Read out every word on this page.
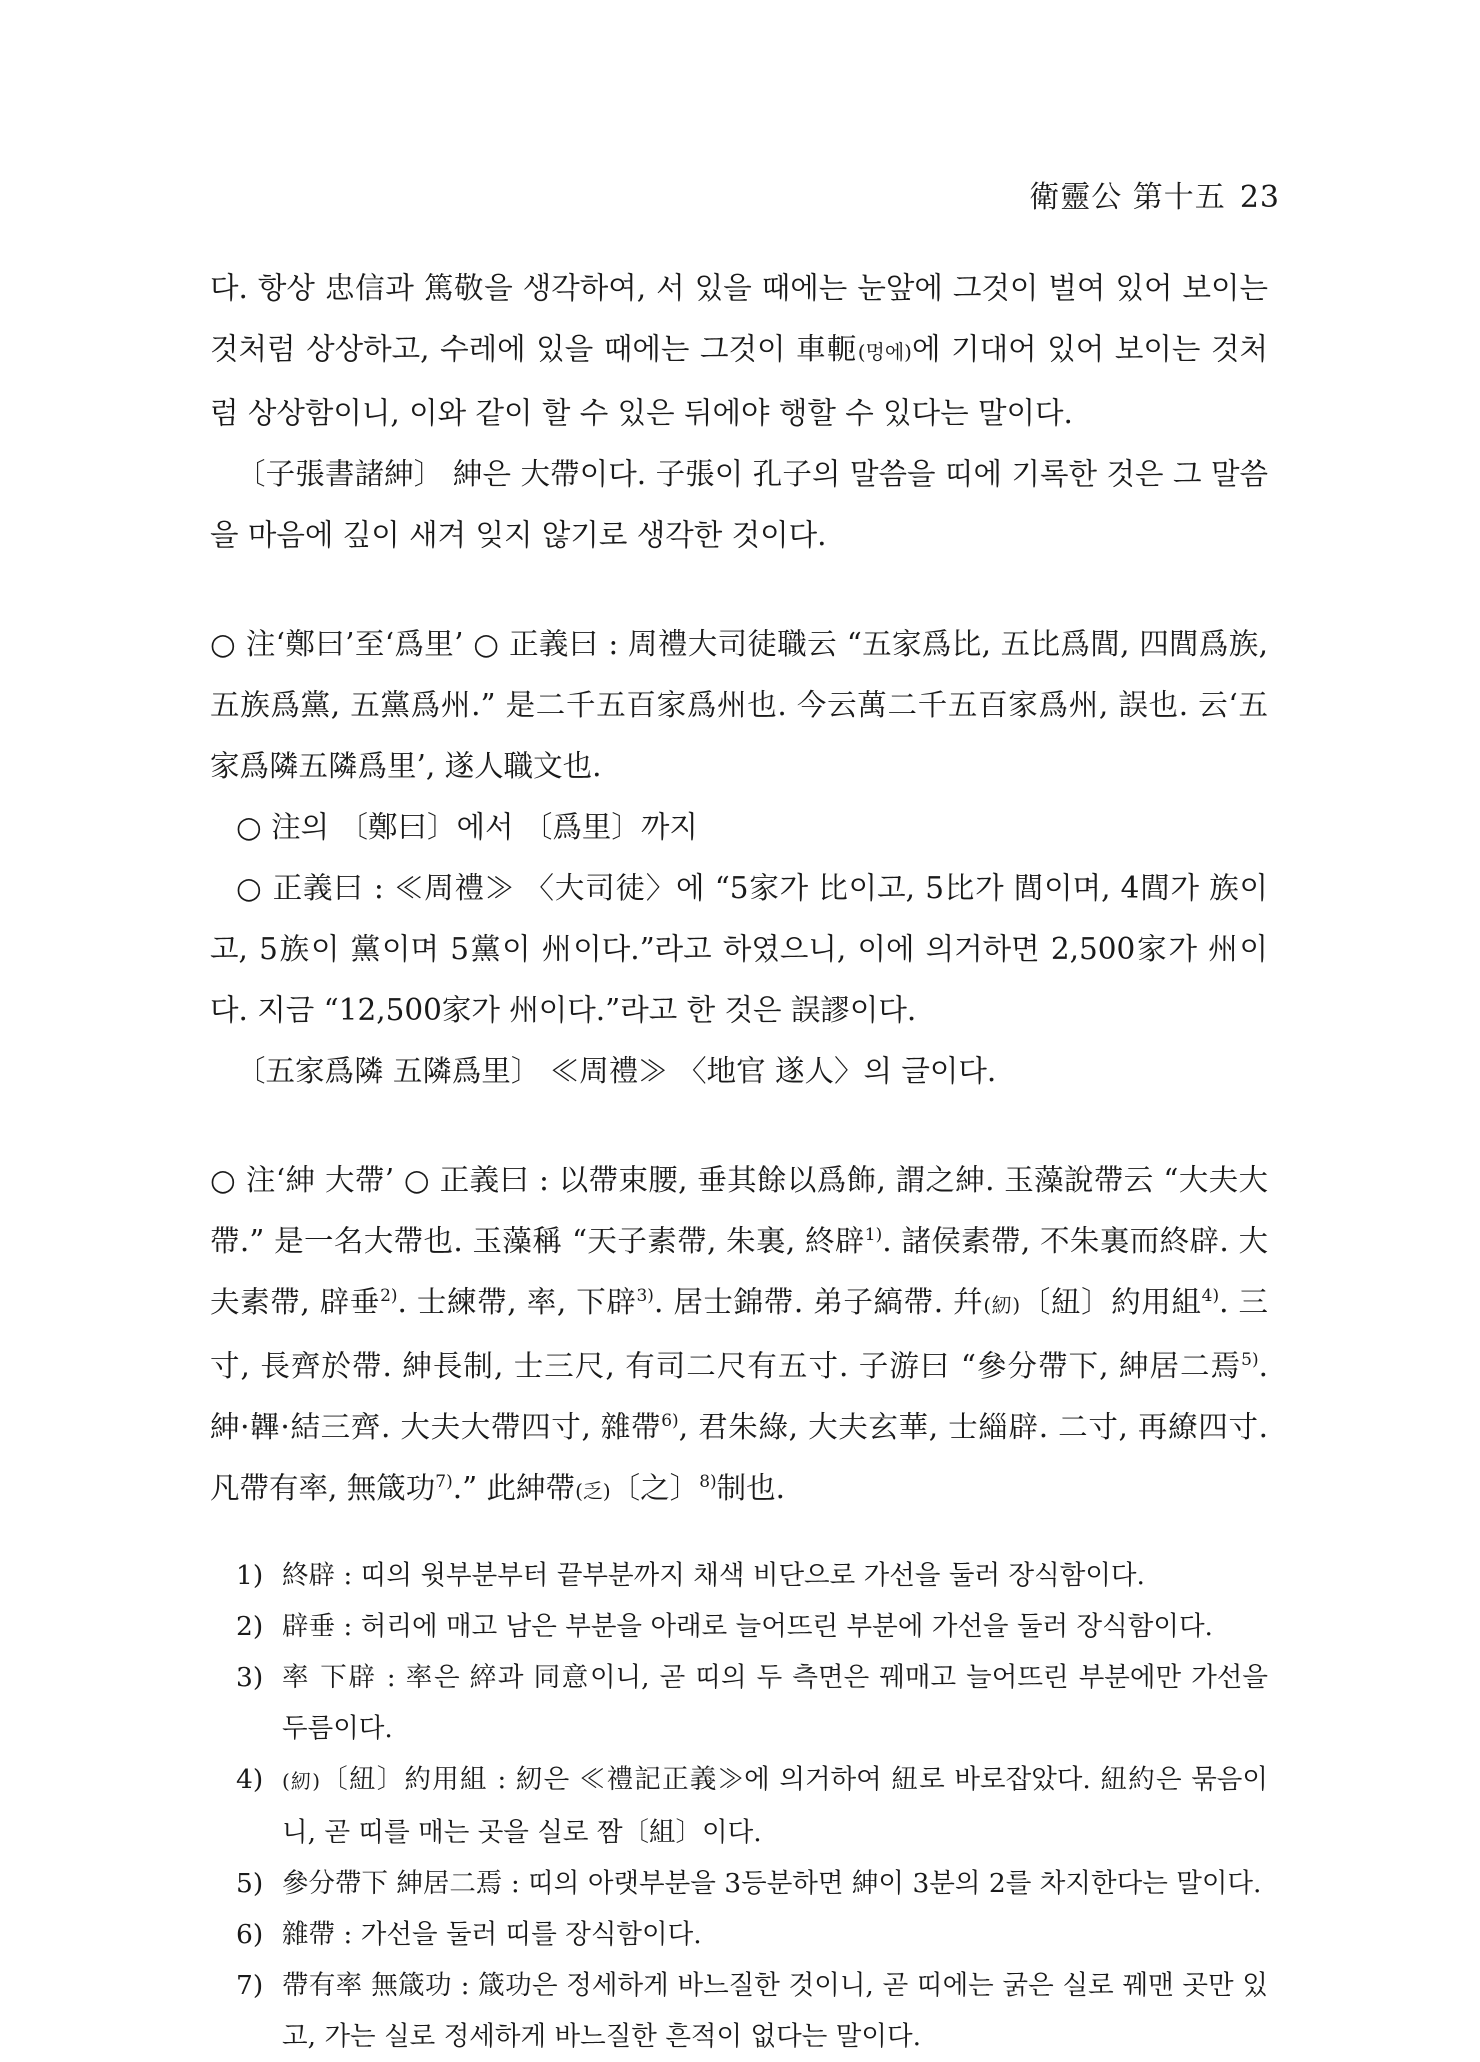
衛靈公 第十五 23

다. 항상 忠信과 篤敬을 생각하여, 서 있을 때에는 눈앞에 그것이 벌여 있어 보이는 것처럼 상상하고, 수레에 있을 때에는 그것이 車軛(멍에)에 기대어 있어 보이는 것처럼 상상함이니, 이와 같이 할 수 있은 뒤에야 행할 수 있다는 말이다.

〔子張書諸紳〕 紳은 大帶이다. 子張이 孔子의 말씀을 띠에 기록한 것은 그 말씀을 마음에 깊이 새겨 잊지 않기로 생각한 것이다.

○ 注‘鄭曰’至‘爲里’ ○ 正義曰 : 周禮大司徒職云 “五家爲比, 五比爲閭, 四閭爲族, 五族爲黨, 五黨爲州.” 是二千五百家爲州也. 今云萬二千五百家爲州, 誤也. 云‘五家爲隣五隣爲里’, 遂人職文也.

○ 注의 〔鄭曰〕에서 〔爲里〕까지

○ 正義曰 : ≪周禮≫ 〈大司徒〉에 “5家가 比이고, 5比가 閭이며, 4閭가 族이고, 5族이 黨이며 5黨이 州이다.”라고 하였으니, 이에 의거하면 2,500家가 州이다. 지금 “12,500家가 州이다.”라고 한 것은 誤謬이다.

〔五家爲隣 五隣爲里〕 ≪周禮≫ 〈地官 遂人〉의 글이다.

○ 注‘紳 大帶’ ○ 正義曰 : 以帶束腰, 垂其餘以爲飾, 謂之紳. 玉藻說帶云 “大夫大帶.” 是一名大帶也. 玉藻稱 “天子素帶, 朱裏, 終辟$^{1)}$. 諸侯素帶, 不朱裏而終辟. 大夫素帶, 辟垂$^{2)}$. 士練帶, 率, 下辟$^{3)}$. 居士錦帶. 弟子縞帶. 幷(紉)〔紐〕約用組$^{4)}$. 三寸, 長齊於帶. 紳長制, 士三尺, 有司二尺有五寸. 子游曰 “參分帶下, 紳居二焉$^{5)}$. 紳·韠·結三齊. 大夫大帶四寸, 雜帶$^{6)}$, 君朱綠, 大夫玄華, 士緇辟. 二寸, 再繚四寸. 凡帶有率, 無箴功$^{7)}$.” 此紳帶(乏)〔之〕$^{8)}$制也.

1) 終辟 : 띠의 윗부분부터 끝부분까지 채색 비단으로 가선을 둘러 장식함이다.
2) 辟垂 : 허리에 매고 남은 부분을 아래로 늘어뜨린 부분에 가선을 둘러 장식함이다.
3) 率 下辟 : 率은 綷과 同意이니, 곧 띠의 두 측면은 꿰매고 늘어뜨린 부분에만 가선을 두름이다.
4) (紉)〔紐〕約用組 : 紉은 ≪禮記正義≫에 의거하여 紐로 바로잡았다. 紐約은 묶음이니, 곧 띠를 매는 곳을 실로 짬〔組〕이다.
5) 參分帶下 紳居二焉 : 띠의 아랫부분을 3등분하면 紳이 3분의 2를 차지한다는 말이다.
6) 雜帶 : 가선을 둘러 띠를 장식함이다.
7) 帶有率 無箴功 : 箴功은 정세하게 바느질한 것이니, 곧 띠에는 굵은 실로 꿰맨 곳만 있고, 가는 실로 정세하게 바느질한 흔적이 없다는 말이다.
